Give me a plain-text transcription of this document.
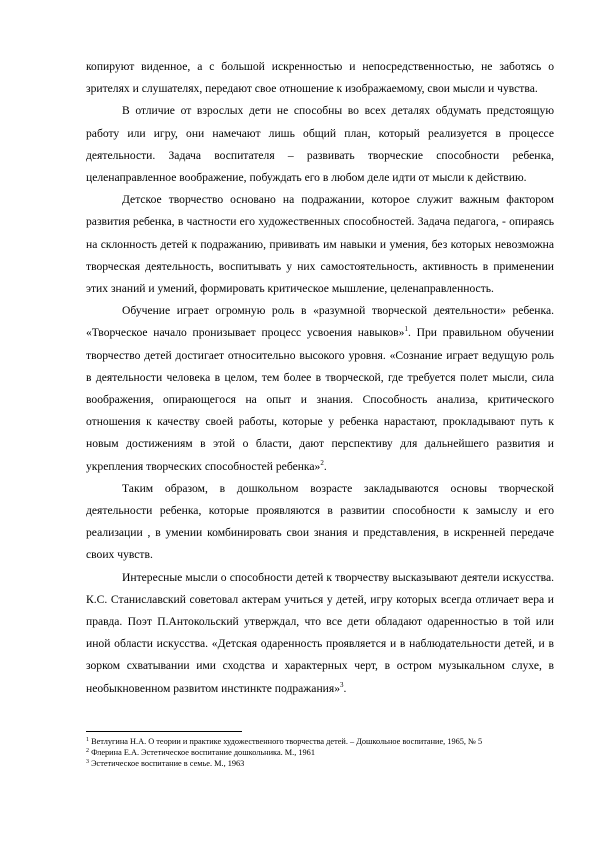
копируют виденное, а с большой искренностью и непосредственностью, не заботясь о зрителях и слушателях, передают свое отношение к изображаемому, свои мысли и чувства.

В отличие от взрослых дети не способны во всех деталях обдумать предстоящую работу или игру, они намечают лишь общий план, который реализуется в процессе деятельности. Задача воспитателя – развивать творческие способности ребенка, целенаправленное воображение, побуждать его в любом деле идти от мысли к действию.

Детское творчество основано на подражании, которое служит важным фактором развития ребенка, в частности его художественных способностей. Задача педагога, - опираясь на склонность детей к подражанию, прививать им навыки и умения, без которых невозможна творческая деятельность, воспитывать у них самостоятельность, активность в применении этих знаний и умений, формировать критическое мышление, целенаправленность.

Обучение играет огромную роль в «разумной творческой деятельности» ребенка. «Творческое начало пронизывает процесс усвоения навыков»$^1$. При правильном обучении творчество детей достигает относительно высокого уровня. «Сознание играет ведущую роль в деятельности человека в целом, тем более в творческой, где требуется полет мысли, сила воображения, опирающегося на опыт и знания. Способность анализа, критического отношения к качеству своей работы, которые у ребенка нарастают, прокладывают путь к новым достижениям в этой о бласти, дают перспективу для дальнейшего развития и укрепления творческих способностей ребенка»$^2$.

Таким образом, в дошкольном возрасте закладываются основы творческой деятельности ребенка, которые проявляются в развитии способности к замыслу и его реализации , в умении комбинировать свои знания и представления, в искренней передаче своих чувств.

Интересные мысли о способности детей к творчеству высказывают деятели искусства. К.С. Станиславский советовал актерам учиться у детей, игру которых всегда отличает вера и правда. Поэт П.Антокольский утверждал, что все дети обладают одаренностью в той или иной области искусства. «Детская одаренность проявляется и в наблюдательности детей, и в зорком схватывании ими сходства и характерных черт, в остром музыкальном слухе, в необыкновенном развитом инстинкте подражания»$^3$.

$^1$ Ветлугина Н.А. О теории и практике художественного творчества детей. – Дошкольное воспитание, 1965, № 5

$^2$ Флерина Е.А. Эстетическое воспитание дошкольника. М., 1961

$^3$ Эстетическое воспитание в семье. М., 1963
